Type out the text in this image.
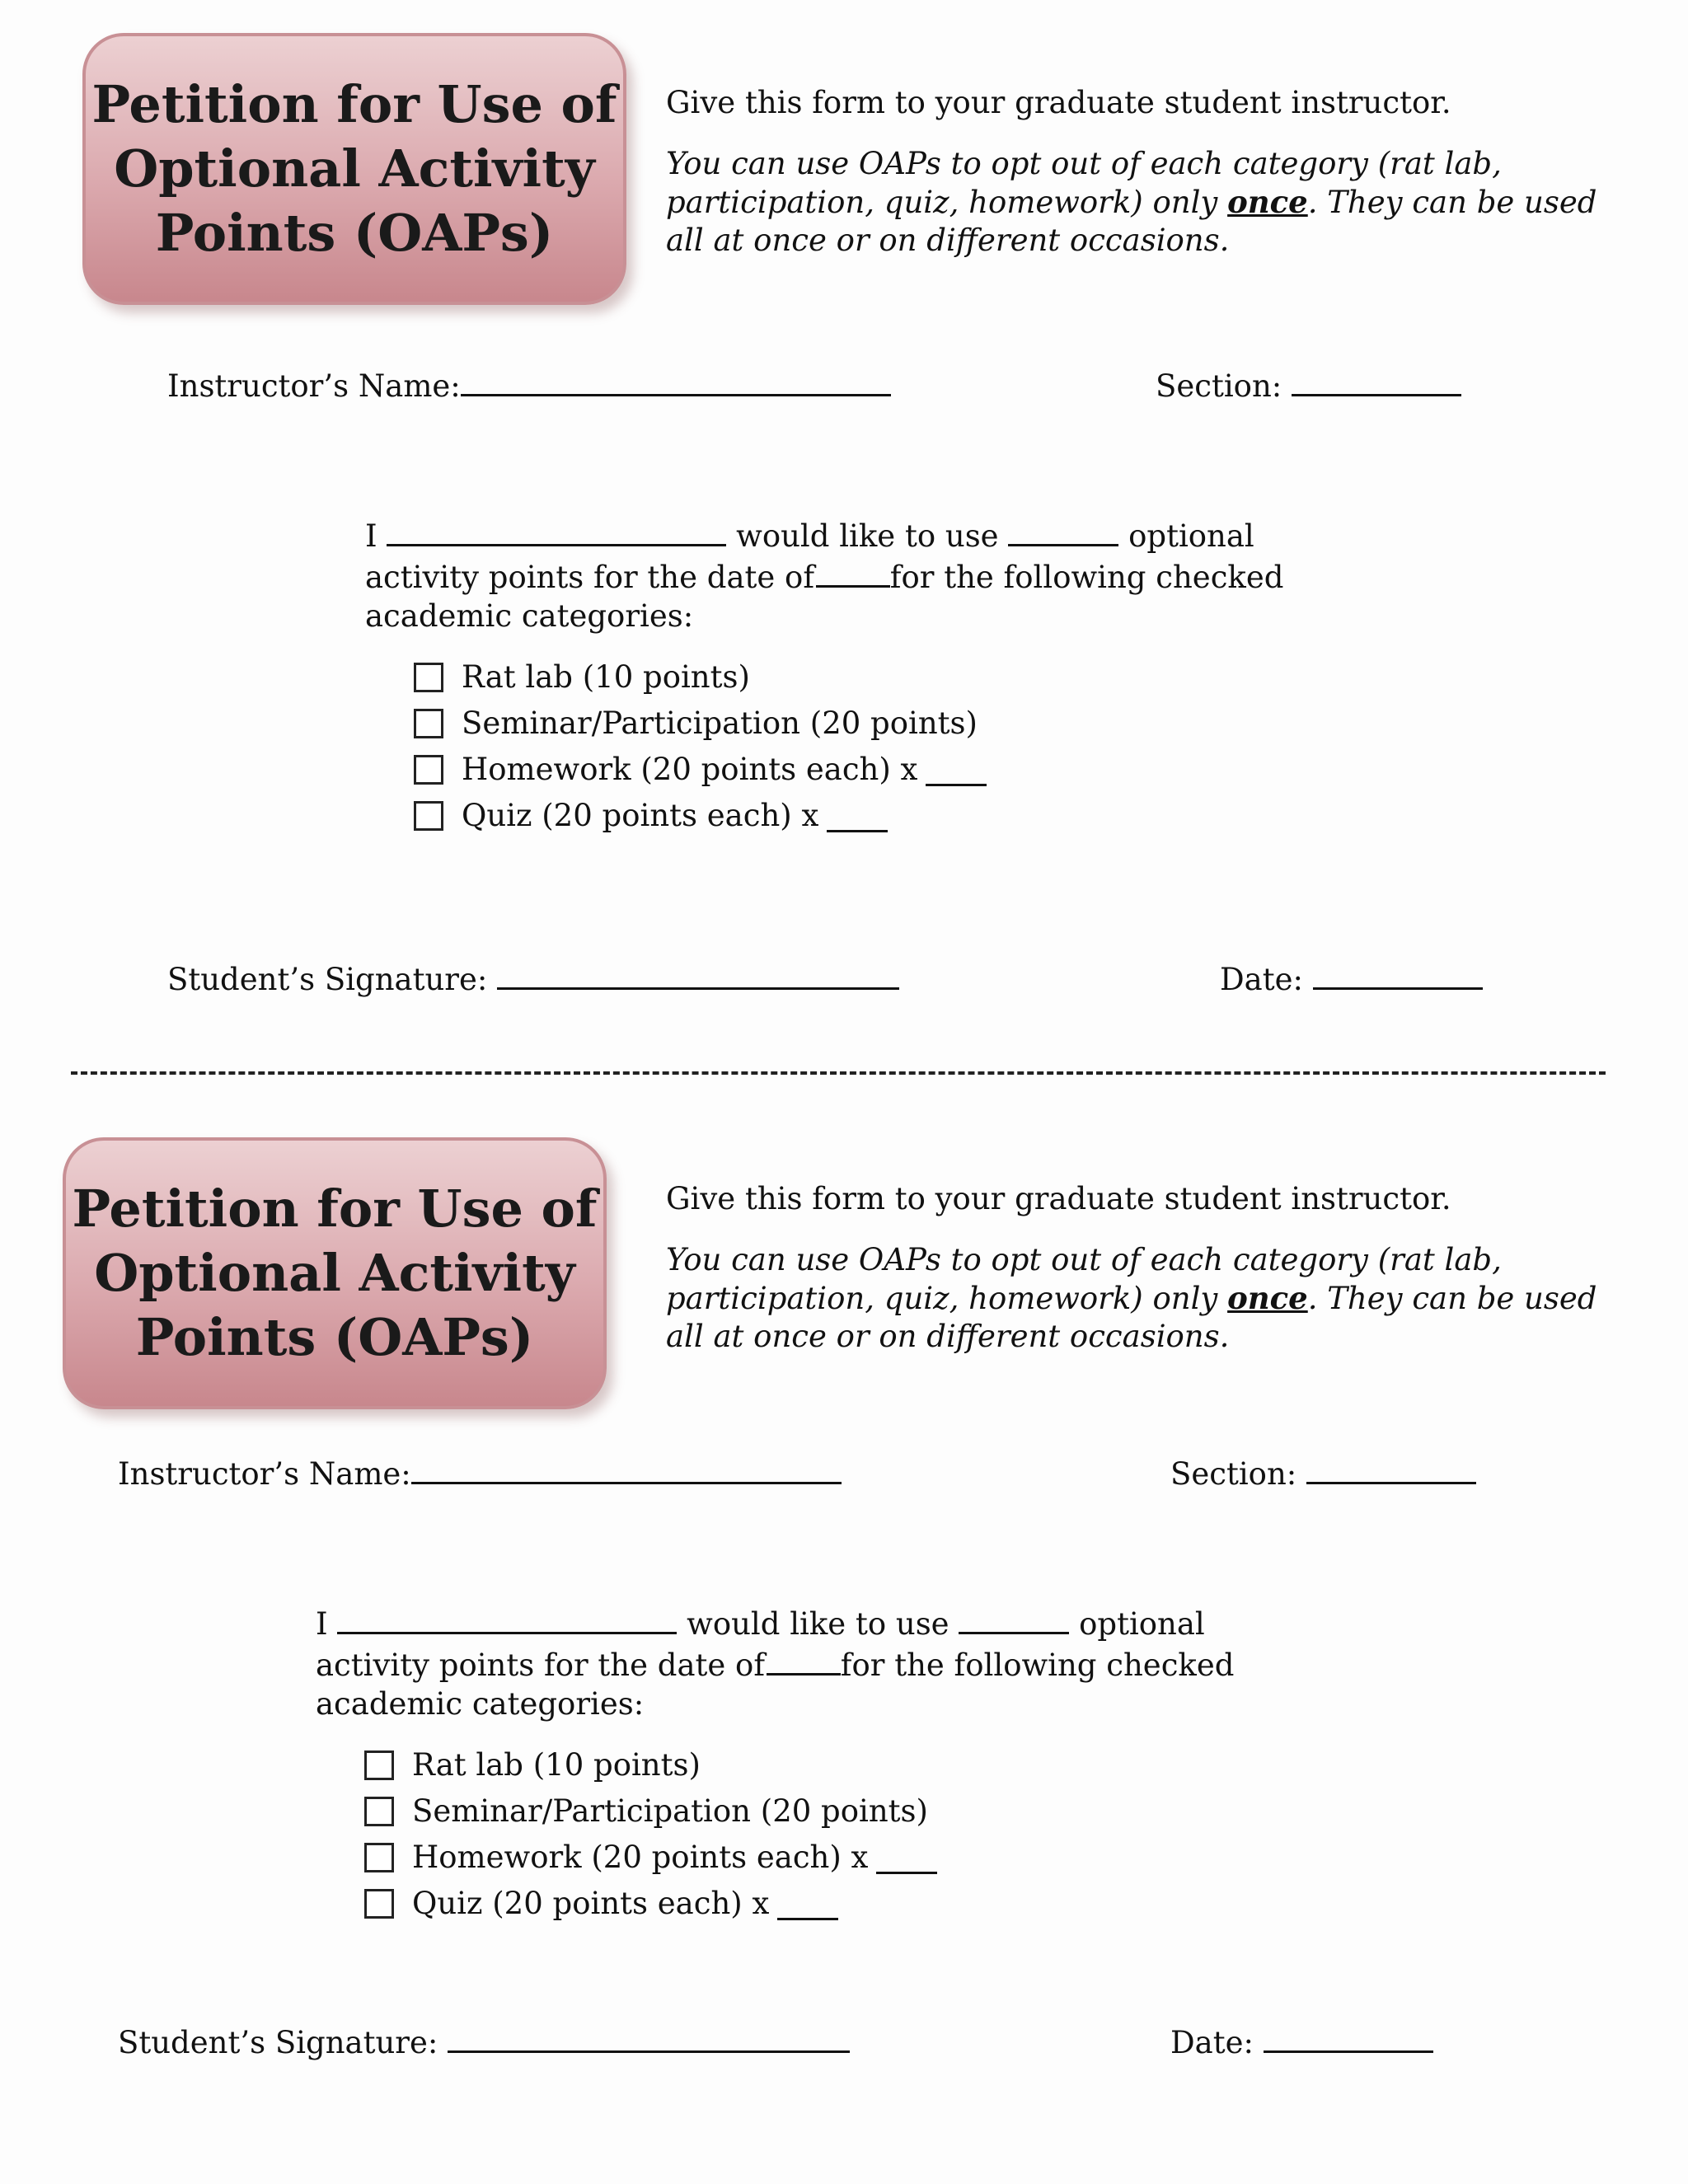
Petition for Use of
Optional Activity
Points (OAPs)

Give this form to your graduate student instructor.

You can use OAPs to opt out of each category (rat lab, participation, quiz, homework) only once. They can be used all at once or on different occasions.

Instructor’s Name:	Section:

I	would like to use	optional

activity points for the date of for the following checked

academic categories:

Rat lab (10 points)
Seminar/Participation (20 points)
Homework (20 points each) x
Quiz (20 points each) x
Student’s Signature:	Date:
Petition for Use of
Optional Activity
Points (OAPs)

Give this form to your graduate student instructor.

You can use OAPs to opt out of each category (rat lab, participation, quiz, homework) only once. They can be used all at once or on different occasions.

Instructor’s Name:	Section:

I	would like to use	optional

activity points for the date of for the following checked

academic categories:

Rat lab (10 points)
Seminar/Participation (20 points)
Homework (20 points each) x
Quiz (20 points each) x
Student’s Signature:	Date:
